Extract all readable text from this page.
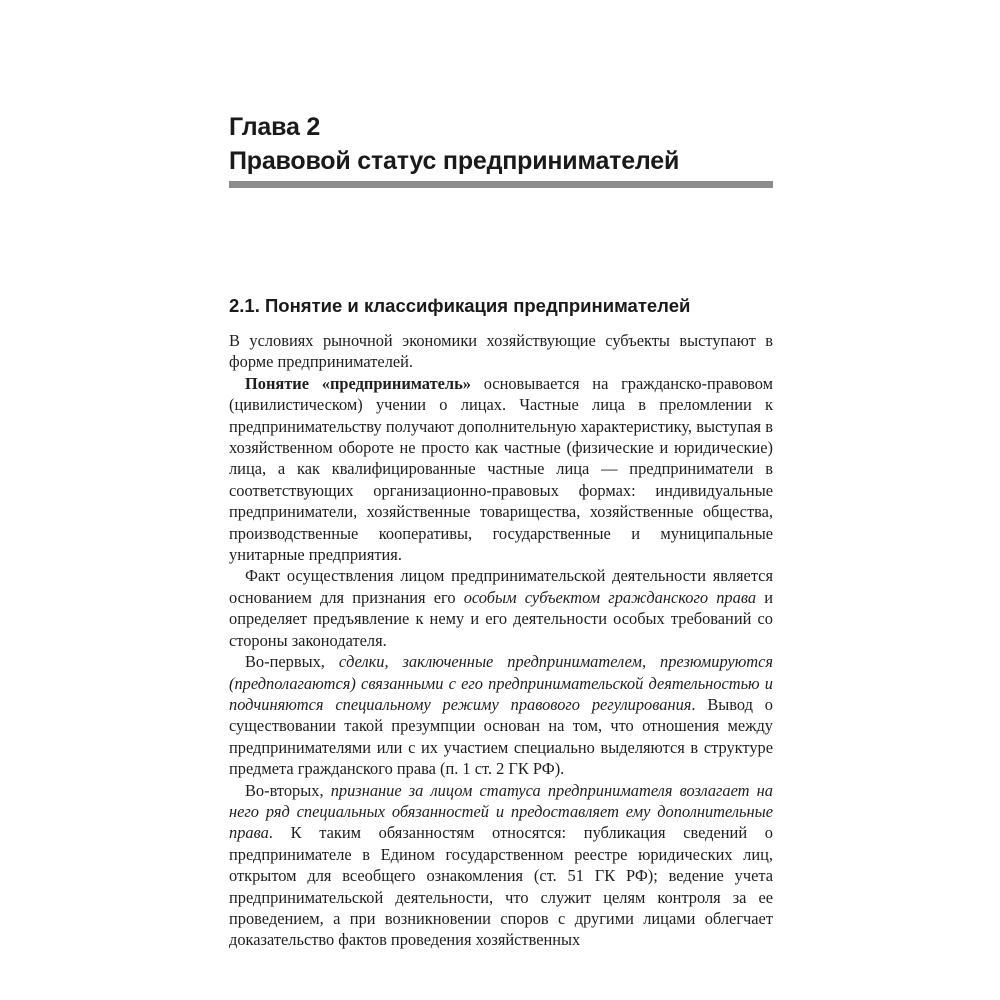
Глава 2
Правовой статус предпринимателей
2.1. Понятие и классификация предпринимателей

В условиях рыночной экономики хозяйствующие субъекты выступают в форме предпринимателей.

Понятие «предприниматель» основывается на гражданско-правовом (цивилистическом) учении о лицах. Частные лица в преломлении к предпринимательству получают дополнительную характеристику, выступая в хозяйственном обороте не просто как частные (физические и юридические) лица, а как квалифицированные частные лица — предприниматели в соответствующих организационно-правовых формах: индивидуальные предприниматели, хозяйственные товарищества, хозяйственные общества, производственные кооперативы, государственные и муниципальные унитарные предприятия.

Факт осуществления лицом предпринимательской деятельности является основанием для признания его особым субъектом гражданского права и определяет предъявление к нему и его деятельности особых требований со стороны законодателя.

Во-первых, сделки, заключенные предпринимателем, презюмируются (предполагаются) связанными с его предпринимательской деятельностью и подчиняются специальному режиму правового регулирования. Вывод о существовании такой презумпции основан на том, что отношения между предпринимателями или с их участием специально выделяются в структуре предмета гражданского права (п. 1 ст. 2 ГК РФ).

Во-вторых, признание за лицом статуса предпринимателя возлагает на него ряд специальных обязанностей и предоставляет ему дополнительные права. К таким обязанностям относятся: публикация сведений о предпринимателе в Едином государственном реестре юридических лиц, открытом для всеобщего ознакомления (ст. 51 ГК РФ); ведение учета предпринимательской деятельности, что служит целям контроля за ее проведением, а при возникновении споров с другими лицами облегчает доказательство фактов проведения хозяйственных
